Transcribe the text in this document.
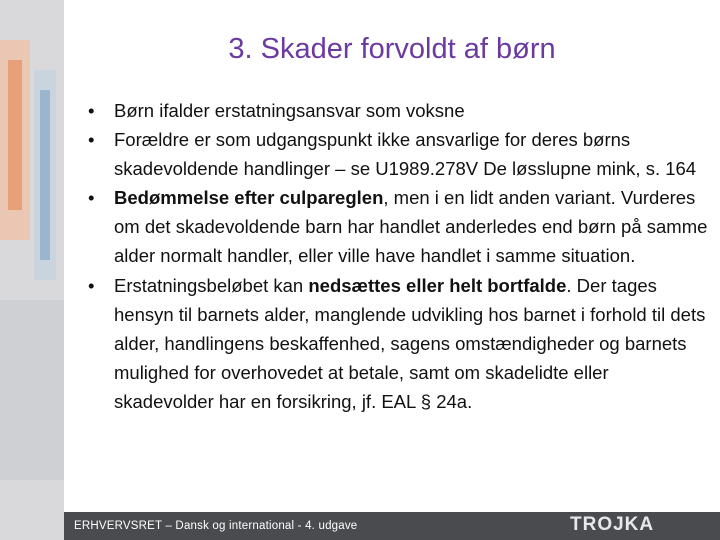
3. Skader forvoldt af børn
• Børn ifalder erstatningsansvar som voksne
• Forældre er som udgangspunkt ikke ansvarlige for deres børns skadevoldende handlinger – se U1989.278V De løsslupne mink, s. 164
• Bedømmelse efter culpareglen, men i en lidt anden variant. Vurderes om det skadevoldende barn har handlet anderledes end børn på samme alder normalt handler, eller ville have handlet i samme situation.
• Erstatningsbeløbet kan nedsættes eller helt bortfalde. Der tages hensyn til barnets alder, manglende udvikling hos barnet i forhold til dets alder, handlingens beskaffenhed, sagens omstændigheder og barnets mulighed for overhovedet at betale, samt om skadelidte eller skadevolder har en forsikring, jf. EAL § 24a.
ERHVERVSRET – Dansk og international - 4. udgave	TROJKA
